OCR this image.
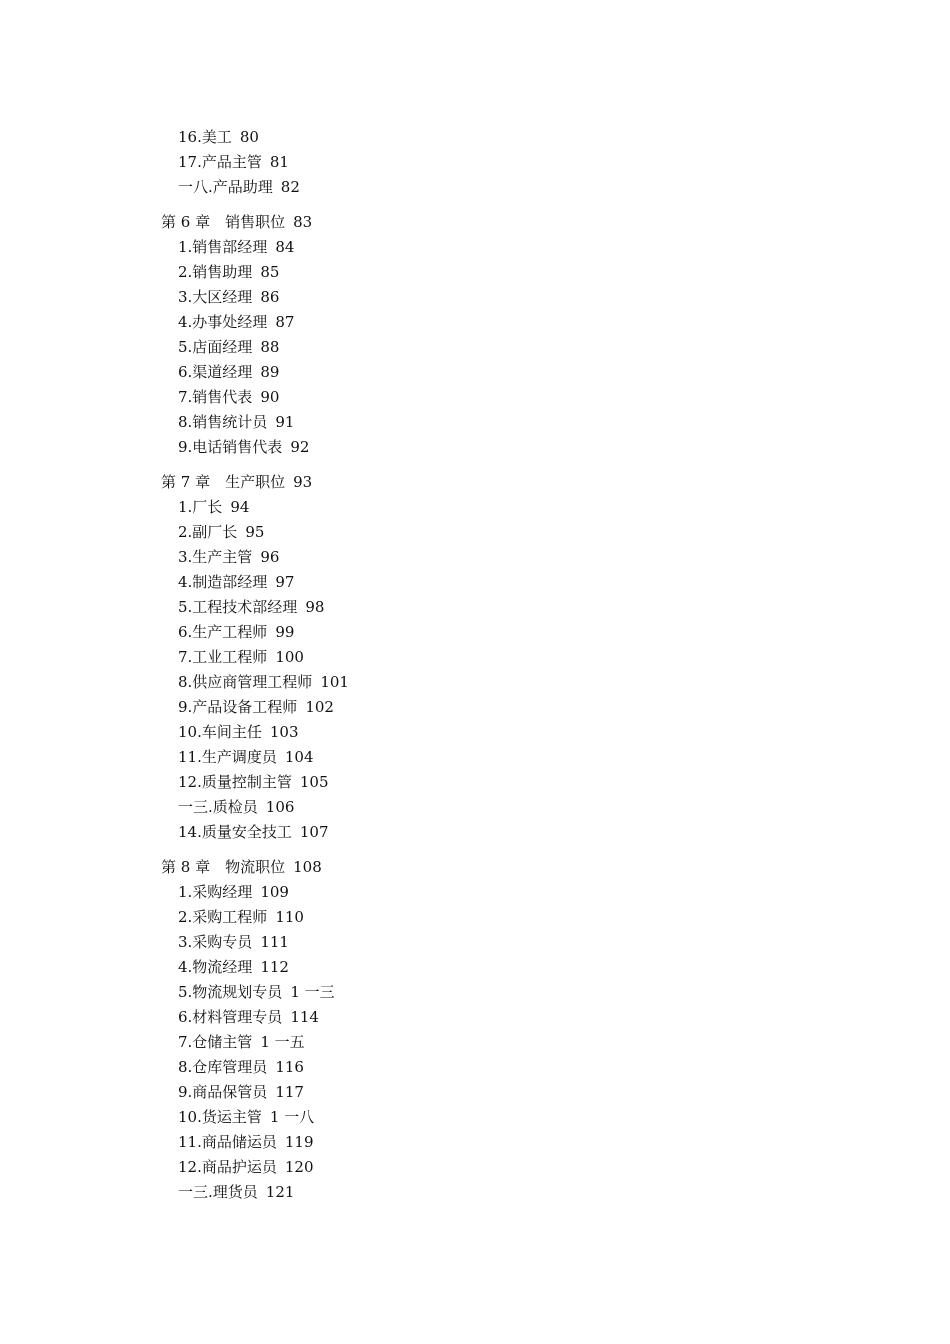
16.美工 80
17.产品主管 81
一八.产品助理 82
第 6 章 销售职位 83
1.销售部经理 84
2.销售助理 85
3.大区经理 86
4.办事处经理 87
5.店面经理 88
6.渠道经理 89
7.销售代表 90
8.销售统计员 91
9.电话销售代表 92
第 7 章 生产职位 93
1.厂长 94
2.副厂长 95
3.生产主管 96
4.制造部经理 97
5.工程技术部经理 98
6.生产工程师 99
7.工业工程师 100
8.供应商管理工程师 101
9.产品设备工程师 102
10.车间主任 103
11.生产调度员 104
12.质量控制主管 105
一三.质检员 106
14.质量安全技工 107
第 8 章 物流职位 108
1.采购经理 109
2.采购工程师 110
3.采购专员 111
4.物流经理 112
5.物流规划专员 1 一三
6.材料管理专员 114
7.仓储主管 1 一五
8.仓库管理员 116
9.商品保管员 117
10.货运主管 1 一八
11.商品储运员 119
12.商品护运员 120
一三.理货员 121
